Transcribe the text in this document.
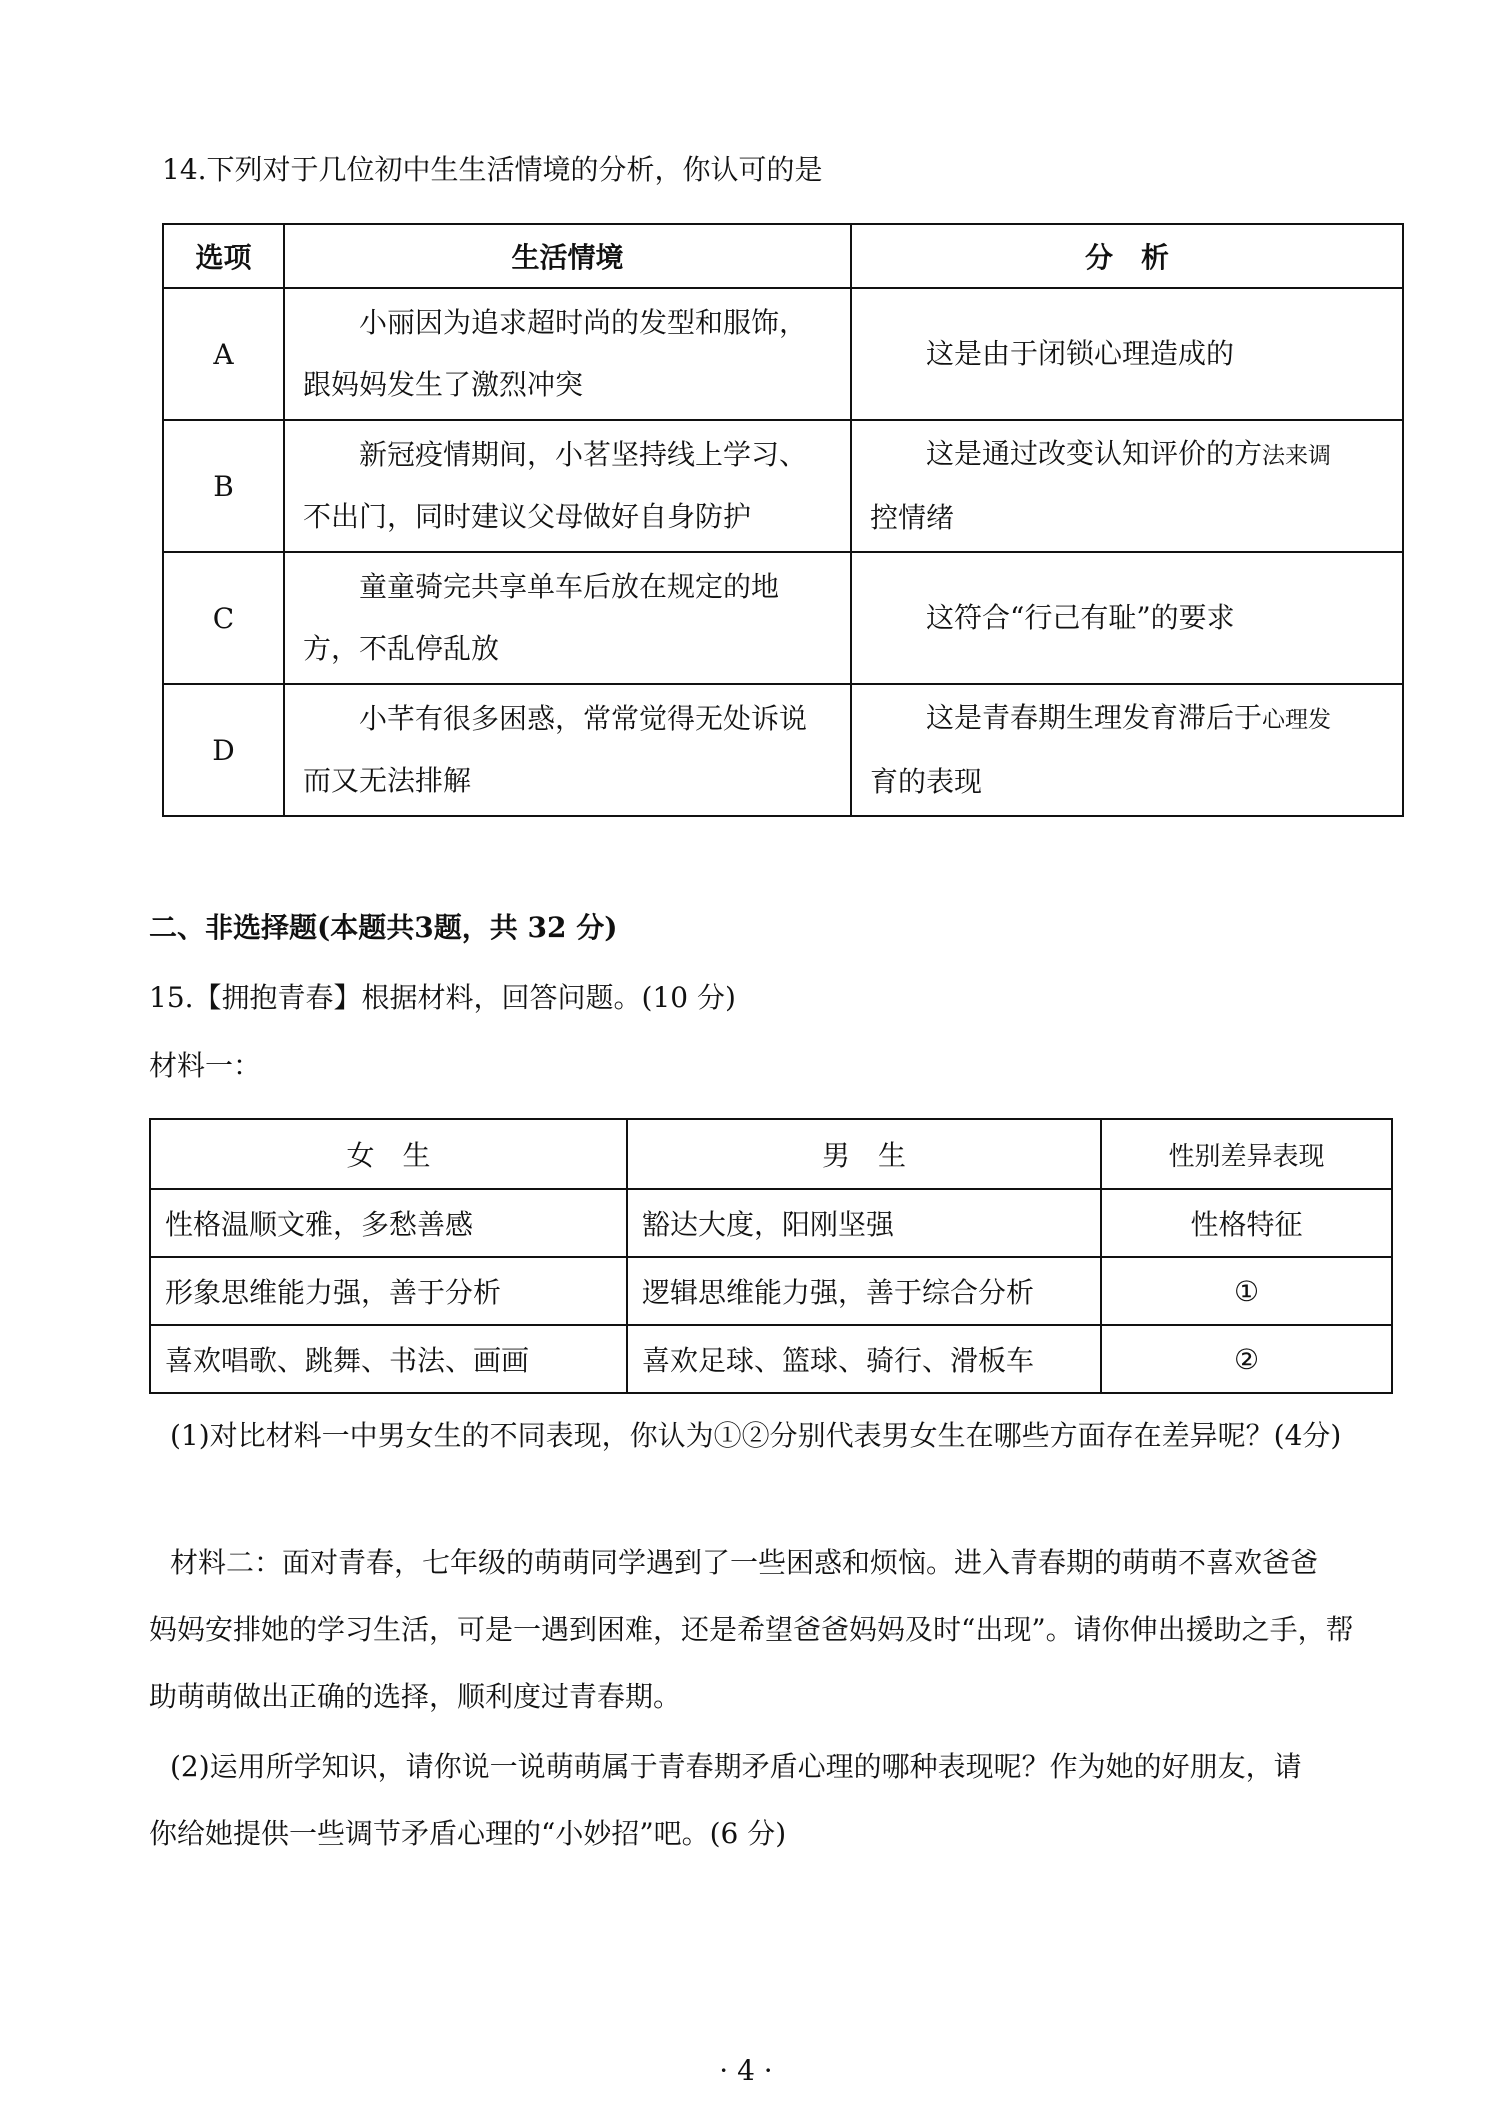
14.下列对于几位初中生生活情境的分析，你认可的是
选项	生活情境	分　析
A	小丽因为追求超时尚的发型和服饰，跟妈妈发生了激烈冲突	这是由于闭锁心理造成的
B	新冠疫情期间，小茗坚持线上学习、不出门，同时建议父母做好自身防护	这是通过改变认知评价的方法来调
控情绪
C	童童骑完共享单车后放在规定的地方，不乱停乱放	这符合“行己有耻”的要求
D	小芊有很多困惑，常常觉得无处诉说而又无法排解	这是青春期生理发育滞后于心理发
育的表现
二、非选择题(本题共3题，共 32 分)
15.【拥抱青春】根据材料，回答问题。(10 分)
材料一：
女　生	男　生	性别差异表现
性格温顺文雅，多愁善感	豁达大度，阳刚坚强	性格特征
形象思维能力强，善于分析	逻辑思维能力强，善于综合分析	①
喜欢唱歌、跳舞、书法、画画	喜欢足球、篮球、骑行、滑板车	②
(1)对比材料一中男女生的不同表现，你认为①②分别代表男女生在哪些方面存在差异呢？(4分)
材料二：面对青春，七年级的萌萌同学遇到了一些困惑和烦恼。进入青春期的萌萌不喜欢爸爸
妈妈安排她的学习生活，可是一遇到困难，还是希望爸爸妈妈及时“出现”。请你伸出援助之手，帮
助萌萌做出正确的选择，顺利度过青春期。
(2)运用所学知识，请你说一说萌萌属于青春期矛盾心理的哪种表现呢？作为她的好朋友，请
你给她提供一些调节矛盾心理的“小妙招”吧。(6 分)
· 4 ·
